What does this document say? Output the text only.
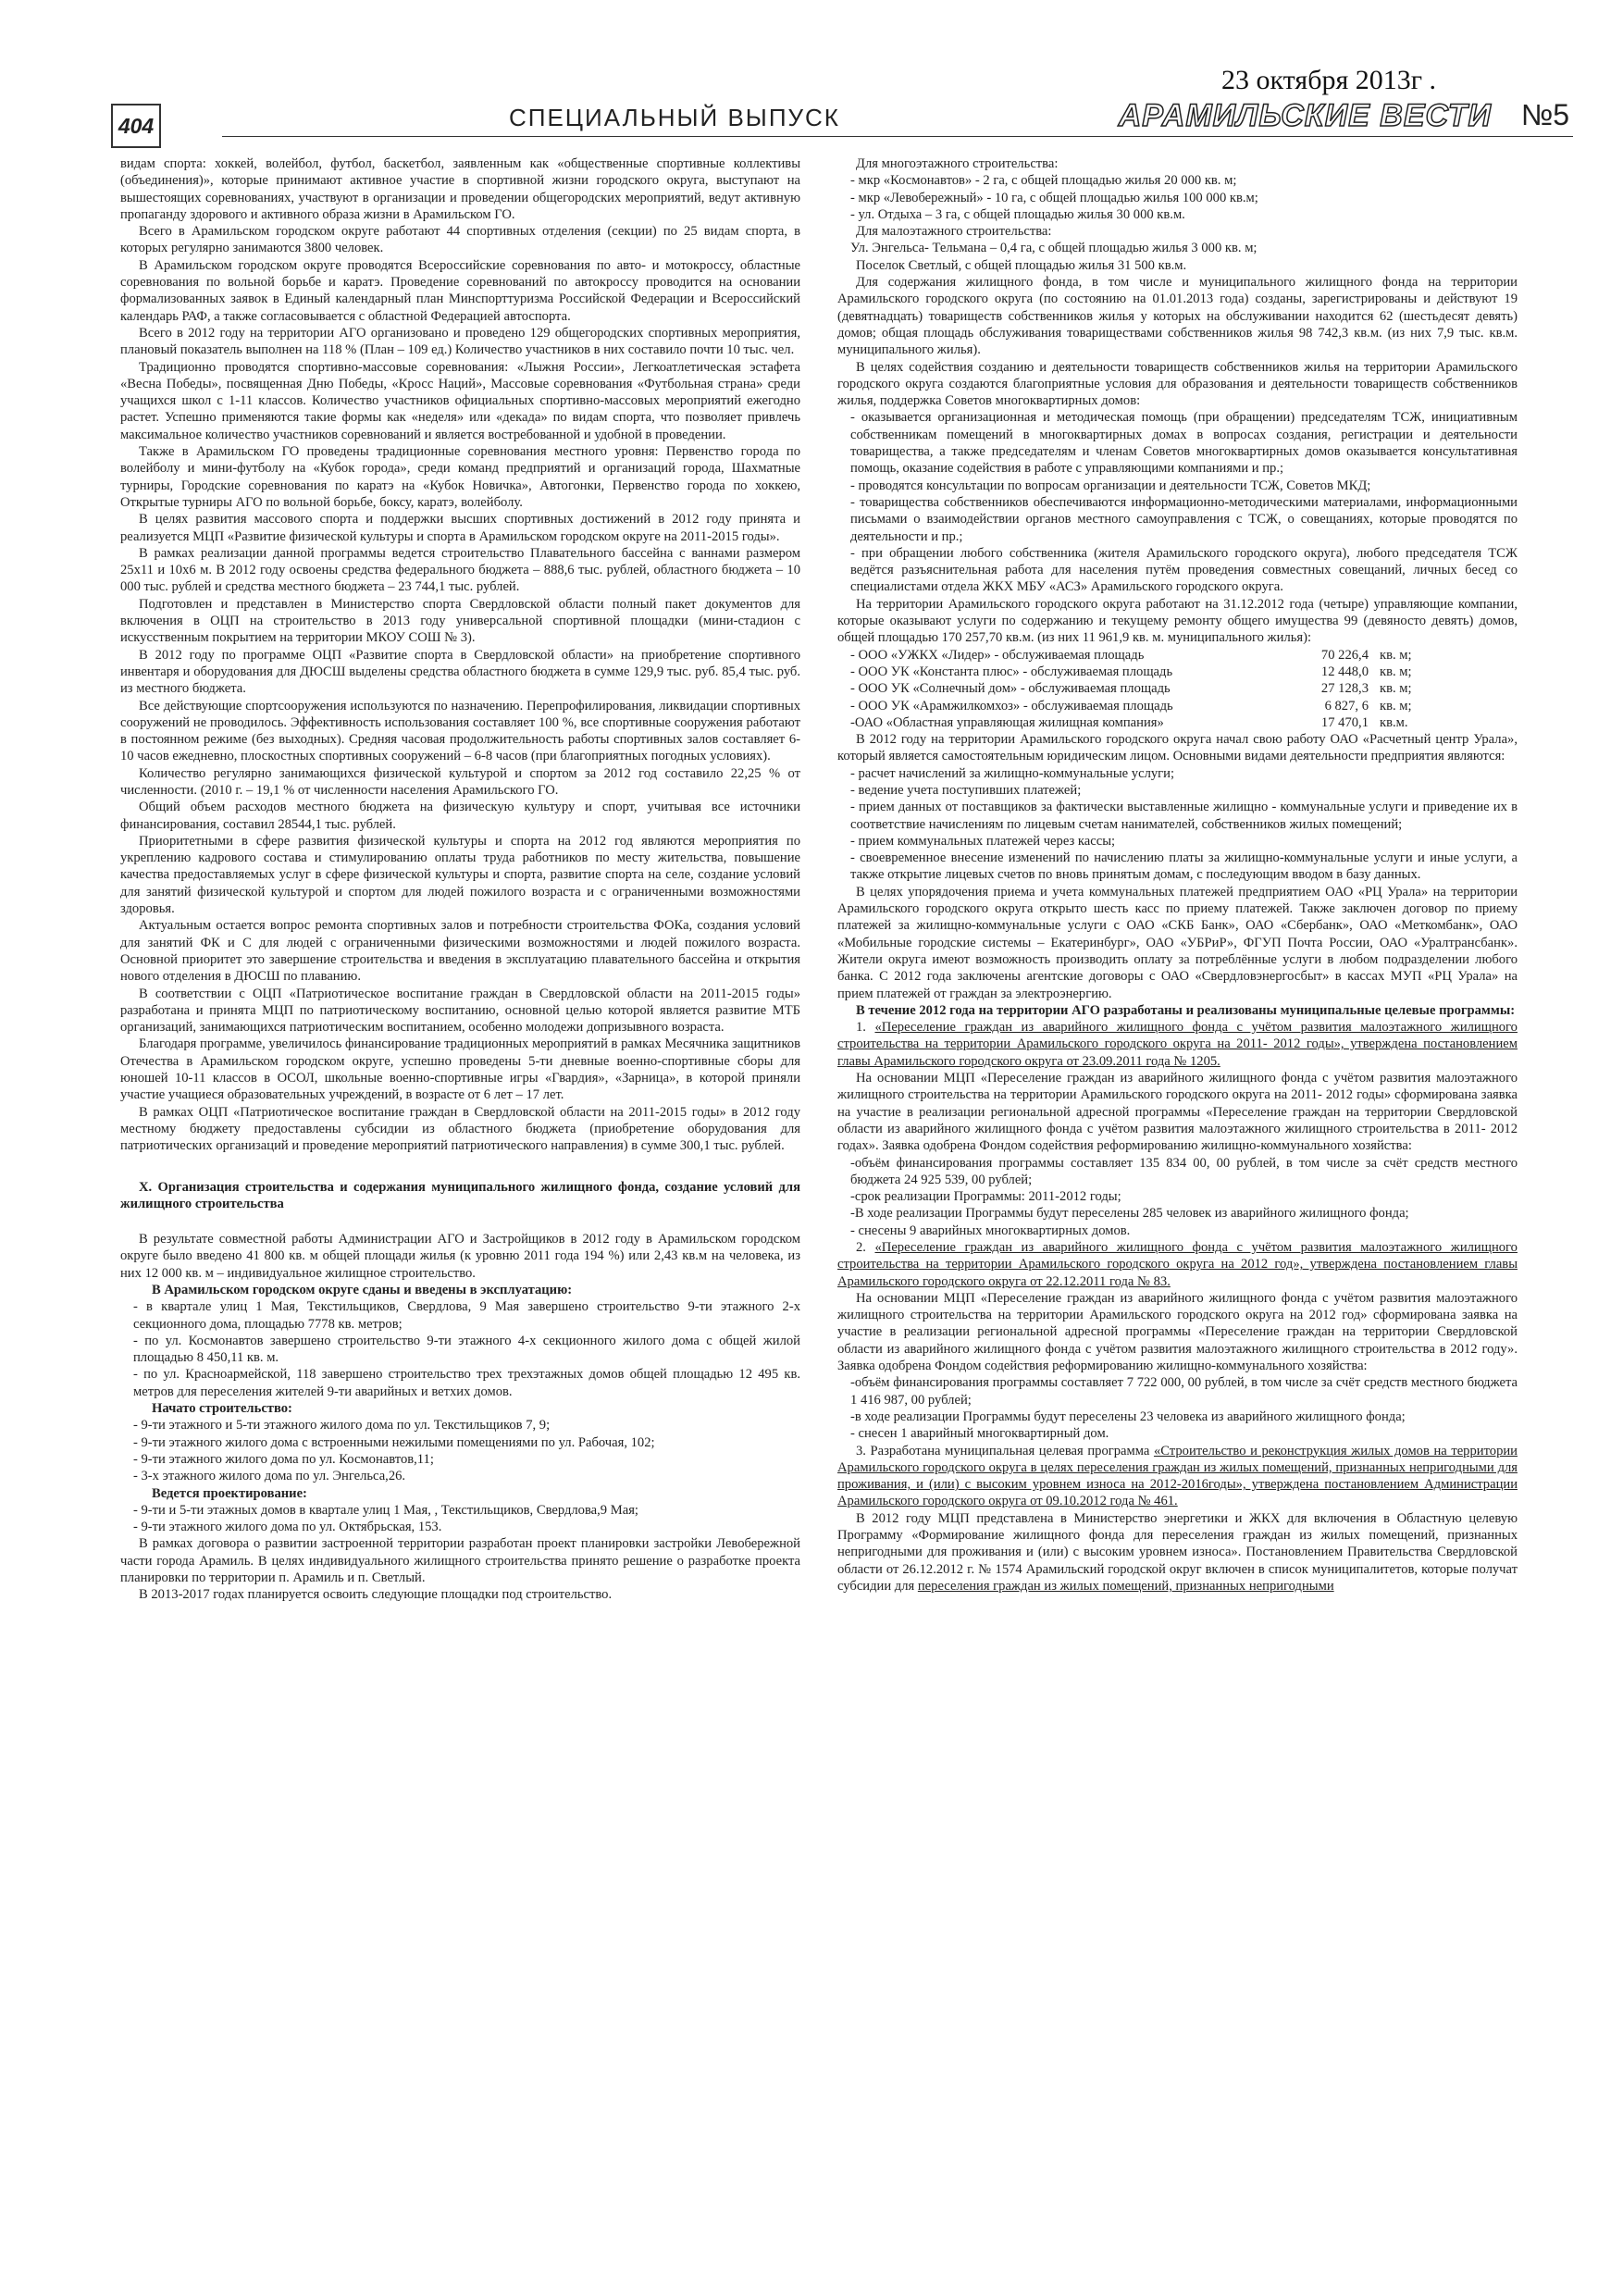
23 октября 2013г .
404	СПЕЦИАЛЬНЫЙ ВЫПУСК	АРАМИЛЬСКИЕ ВЕСТИ №5

видам спорта: хоккей, волейбол, футбол, баскетбол, заявленным как «общественные спортивные коллективы (объединения)», которые принимают активное участие в спортивной жизни городского округа, выступают на вышестоящих соревнованиях, участвуют в организации и проведении общегородских мероприятий, ведут активную пропаганду здорового и активного образа жизни в Арамильском ГО.

Всего в Арамильском городском округе работают 44 спортивных отделения (секции) по 25 видам спорта, в которых регулярно занимаются 3800 человек.

В Арамильском городском округе проводятся Всероссийские соревнования по авто- и мотокроссу, областные соревнования по вольной борьбе и каратэ. Проведение соревнований по автокроссу проводится на основании формализованных заявок в Единый календарный план Минспорттуризма Российской Федерации и Всероссийский календарь РАФ, а также согласовывается с областной Федерацией автоспорта.

Всего в 2012 году на территории АГО организовано и проведено 129 общегородских спортивных мероприятия, плановый показатель выполнен на 118 % (План – 109 ед.) Количество участников в них составило почти 10 тыс. чел.

Традиционно проводятся спортивно-массовые соревнования: «Лыжня России», Легкоатлетическая эстафета «Весна Победы», посвященная Дню Победы, «Кросс Наций», Массовые соревнования «Футбольная страна» среди учащихся школ с 1-11 классов. Количество участников официальных спортивно-массовых мероприятий ежегодно растет. Успешно применяются такие формы как «неделя» или «декада» по видам спорта, что позволяет привлечь максимальное количество участников соревнований и является востребованной и удобной в проведении.

Также в Арамильском ГО проведены традиционные соревнования местного уровня: Первенство города по волейболу и мини-футболу на «Кубок города», среди команд предприятий и организаций города, Шахматные турниры, Городские соревнования по каратэ на «Кубок Новичка», Автогонки, Первенство города по хоккею, Открытые турниры АГО по вольной борьбе, боксу, каратэ, волейболу.

В целях развития массового спорта и поддержки высших спортивных достижений в 2012 году принята и реализуется МЦП «Развитие физической культуры и спорта в Арамильском городском округе на 2011-2015 годы».

В рамках реализации данной программы ведется строительство Плавательного бассейна с ваннами размером 25х11 и 10х6 м. В 2012 году освоены средства федерального бюджета – 888,6 тыс. рублей, областного бюджета – 10 000 тыс. рублей и средства местного бюджета – 23 744,1 тыс. рублей.

Подготовлен и представлен в Министерство спорта Свердловской области полный пакет документов для включения в ОЦП на строительство в 2013 году универсальной спортивной площадки (мини-стадион с искусственным покрытием на территории МКОУ СОШ № 3).

В 2012 году по программе ОЦП «Развитие спорта в Свердловской области» на приобретение спортивного инвентаря и оборудования для ДЮСШ выделены средства областного бюджета в сумме 129,9 тыс. руб. 85,4 тыс. руб. из местного бюджета.

Все действующие спортсооружения используются по назначению. Перепрофилирования, ликвидации спортивных сооружений не проводилось. Эффективность использования составляет 100 %, все спортивные сооружения работают в постоянном режиме (без выходных). Средняя часовая продолжительность работы спортивных залов составляет 6-10 часов ежедневно, плоскостных спортивных сооружений – 6-8 часов (при благоприятных погодных условиях).

Количество регулярно занимающихся физической культурой и спортом за 2012 год составило 22,25 % от численности. (2010 г. – 19,1 % от численности населения Арамильского ГО.

Общий объем расходов местного бюджета на физическую культуру и спорт, учитывая все источники финансирования, составил 28544,1 тыс. рублей.

Приоритетными в сфере развития физической культуры и спорта на 2012 год являются мероприятия по укреплению кадрового состава и стимулированию оплаты труда работников по месту жительства, повышение качества предоставляемых услуг в сфере физической культуры и спорта, развитие спорта на селе, создание условий для занятий физической культурой и спортом для людей пожилого возраста и с ограниченными возможностями здоровья.

Актуальным остается вопрос ремонта спортивных залов и потребности строительства ФОКа, создания условий для занятий ФК и С для людей с ограниченными физическими возможностями и людей пожилого возраста. Основной приоритет это завершение строительства и введения в эксплуатацию плавательного бассейна и открытия нового отделения в ДЮСШ по плаванию.

В соответствии с ОЦП «Патриотическое воспитание граждан в Свердловской области на 2011-2015 годы» разработана и принята МЦП по патриотическому воспитанию, основной целью которой является развитие МТБ организаций, занимающихся патриотическим воспитанием, особенно молодежи допризывного возраста.

Благодаря программе, увеличилось финансирование традиционных мероприятий в рамках Месячника защитников Отечества в Арамильском городском округе, успешно проведены 5-ти дневные военно-спортивные сборы для юношей 10-11 классов в ОСОЛ, школьные военно-спортивные игры «Гвардия», «Зарница», в которой приняли участие учащиеся образовательных учреждений, в возрасте от 6 лет – 17 лет.

В рамках ОЦП «Патриотическое воспитание граждан в Свердловской области на 2011-2015 годы» в 2012 году местному бюджету предоставлены субсидии из областного бюджета (приобретение оборудования для патриотических организаций и проведение мероприятий патриотического направления) в сумме 300,1 тыс. рублей.

Х. Организация строительства и содержания муниципального жилищного фонда, создание условий для жилищного строительства

В результате совместной работы Администрации АГО и Застройщиков в 2012 году в Арамильском городском округе было введено 41 800 кв. м общей площади жилья (к уровню 2011 года 194 %) или 2,43 кв.м на человека, из них 12 000 кв. м – индивидуальное жилищное строительство.

В Арамильском городском округе сданы и введены в эксплуатацию:

- в квартале улиц 1 Мая, Текстильщиков, Свердлова, 9 Мая завершено строительство 9-ти этажного 2-х секционного дома, площадью 7778 кв. метров;

- по ул. Космонавтов завершено строительство 9-ти этажного 4-х секционного жилого дома с общей жилой площадью 8 450,11 кв. м.

- по ул. Красноармейской, 118 завершено строительство трех трехэтажных домов общей площадью 12 495 кв. метров для переселения жителей 9-ти аварийных и ветхих домов.

Начато строительство:

- 9-ти этажного и 5-ти этажного жилого дома по ул. Текстильщиков 7, 9;

- 9-ти этажного жилого дома с встроенными нежилыми помещениями по ул. Рабочая, 102;

- 9-ти этажного жилого дома по ул. Космонавтов,11;

- 3-х этажного жилого дома по ул. Энгельса,26.

Ведется проектирование:

- 9-ти и 5-ти этажных домов в квартале улиц 1 Мая, , Текстильщиков, Свердлова,9 Мая;

- 9-ти этажного жилого дома по ул. Октябрьская, 153.

В рамках договора о развитии застроенной территории разработан проект планировки застройки Левобережной части города Арамиль. В целях индивидуального жилищного строительства принято решение о разработке проекта планировки по территории п. Арамиль и п. Светлый.

В 2013-2017 годах планируется освоить следующие площадки под строительство.

Для многоэтажного строительства:

- мкр «Космонавтов» - 2 га, с общей площадью жилья 20 000 кв. м;

- мкр «Левобережный» - 10 га, с общей площадью жилья 100 000 кв.м;

- ул. Отдыха – 3 га, с общей площадью жилья 30 000 кв.м.

Для малоэтажного строительства:

Ул. Энгельса- Тельмана – 0,4 га, с общей площадью жилья 3 000 кв. м;

Поселок Светлый, с общей площадью жилья 31 500 кв.м.

Для содержания жилищного фонда, в том числе и муниципального жилищного фонда на территории Арамильского городского округа (по состоянию на 01.01.2013 года) созданы, зарегистрированы и действуют 19 (девятнадцать) товариществ собственников жилья у которых на обслуживании находится 62 (шестьдесят девять) домов; общая площадь обслуживания товариществами собственников жилья 98 742,3 кв.м. (из них 7,9 тыс. кв.м. муниципального жилья).

В целях содействия созданию и деятельности товариществ собственников жилья на территории Арамильского городского округа создаются благоприятные условия для образования и деятельности товариществ собственников жилья, поддержка Советов многоквартирных домов:

- оказывается организационная и методическая помощь (при обращении) председателям ТСЖ, инициативным собственникам помещений в многоквартирных домах в вопросах создания, регистрации и деятельности товарищества, а также председателям и членам Советов многоквартирных домов оказывается консультативная помощь, оказание содействия в работе с управляющими компаниями и пр.;

- проводятся консультации по вопросам организации и деятельности ТСЖ, Советов МКД;

- товарищества собственников обеспечиваются информационно-методическими материалами, информационными письмами о взаимодействии органов местного самоуправления с ТСЖ, о совещаниях, которые проводятся по деятельности и пр.;

- при обращении любого собственника (жителя Арамильского городского округа), любого председателя ТСЖ ведётся разъяснительная работа для населения путём проведения совместных совещаний, личных бесед со специалистами отдела ЖКХ МБУ «АСЗ» Арамильского городского округа.

На территории Арамильского городского округа работают на 31.12.2012 года (четыре) управляющие компании, которые оказывают услуги по содержанию и текущему ремонту общего имущества 99 (девяносто девять) домов, общей площадью 170 257,70 кв.м. (из них 11 961,9 кв. м. муниципального жилья):

- ООО «УЖКХ «Лидер» - обслуживаемая площадь	70 226,4 кв. м;
- ООО УК «Константа плюс» - обслуживаемая площадь	12 448,0 кв. м;
- ООО УК «Солнечный дом» - обслуживаемая площадь	27 128,3 кв. м;
- ООО УК «Арамжилкомхоз» - обслуживаемая площадь	6 827, 6 кв. м;
-ОАО «Областная управляющая жилищная компания»	17 470,1 кв.м.

В 2012 году на территории Арамильского городского округа начал свою работу ОАО «Расчетный центр Урала», который является самостоятельным юридическим лицом. Основными видами деятельности предприятия являются:

- расчет начислений за жилищно-коммунальные услуги;

- ведение учета поступивших платежей;

- прием данных от поставщиков за фактически выставленные жилищно - коммунальные услуги и приведение их в соответствие начислениям по лицевым счетам нанимателей, собственников жилых помещений;

- прием коммунальных платежей через кассы;

- своевременное внесение изменений по начислению платы за жилищно-коммунальные услуги и иные услуги, а также открытие лицевых счетов по вновь принятым домам, с последующим вводом в базу данных.

В целях упорядочения приема и учета коммунальных платежей предприятием ОАО «РЦ Урала» на территории Арамильского городского округа открыто шесть касс по приему платежей. Также заключен договор по приему платежей за жилищно-коммунальные услуги с ОАО «СКБ Банк», ОАО «Сбербанк», ОАО «Меткомбанк», ОАО «Мобильные городские системы – Екатеринбург», ОАО «УБРиР», ФГУП Почта России, ОАО «Уралтрансбанк». Жители округа имеют возможность производить оплату за потреблённые услуги в любом подразделении любого банка. С 2012 года заключены агентские договоры с ОАО «Свердловэнергосбыт» в кассах МУП «РЦ Урала» на прием платежей от граждан за электроэнергию.

В течение 2012 года на территории АГО разработаны и реализованы муниципальные целевые программы:

1. «Переселение граждан из аварийного жилищного фонда с учётом развития малоэтажного жилищного строительства на территории Арамильского городского округа на 2011- 2012 годы», утверждена постановлением главы Арамильского городского округа от 23.09.2011 года № 1205.

На основании МЦП «Переселение граждан из аварийного жилищного фонда с учётом развития малоэтажного жилищного строительства на территории Арамильского городского округа на 2011- 2012 годы» сформирована заявка на участие в реализации региональной адресной программы «Переселение граждан на территории Свердловской области из аварийного жилищного фонда с учётом развития малоэтажного жилищного строительства в 2011- 2012 годах». Заявка одобрена Фондом содействия реформированию жилищно-коммунального хозяйства:

-объём финансирования программы составляет 135 834 00, 00 рублей, в том числе за счёт средств местного бюджета 24 925 539, 00 рублей;

-срок реализации Программы: 2011-2012 годы;

-В ходе реализации Программы будут переселены 285 человек из аварийного жилищного фонда;

- снесены 9 аварийных многоквартирных домов.

2. «Переселение граждан из аварийного жилищного фонда с учётом развития малоэтажного жилищного строительства на территории Арамильского городского округа на 2012 год», утверждена постановлением главы Арамильского городского округа от 22.12.2011 года № 83.

На основании МЦП «Переселение граждан из аварийного жилищного фонда с учётом развития малоэтажного жилищного строительства на территории Арамильского городского округа на 2012 год» сформирована заявка на участие в реализации региональной адресной программы «Переселение граждан на территории Свердловской области из аварийного жилищного фонда с учётом развития малоэтажного жилищного строительства в 2012 году». Заявка одобрена Фондом содействия реформированию жилищно-коммунального хозяйства:

-объём финансирования программы составляет 7 722 000, 00 рублей, в том числе за счёт средств местного бюджета 1 416 987, 00 рублей;

-в ходе реализации Программы будут переселены 23 человека из аварийного жилищного фонда;

- снесен 1 аварийный многоквартирный дом.

3. Разработана муниципальная целевая программа «Строительство и реконструкция жилых домов на территории Арамильского городского округа в целях переселения граждан из жилых помещений, признанных непригодными для проживания, и (или) с высоким уровнем износа на 2012-2016годы», утверждена постановлением Администрации Арамильского городского округа от 09.10.2012 года № 461.

В 2012 году МЦП представлена в Министерство энергетики и ЖКХ для включения в Областную целевую Программу «Формирование жилищного фонда для переселения граждан из жилых помещений, признанных непригодными для проживания и (или) с высоким уровнем износа». Постановлением Правительства Свердловской области от 26.12.2012 г. № 1574 Арамильский городской округ включен в список муниципалитетов, которые получат субсидии для переселения граждан из жилых помещений, признанных непригодными
